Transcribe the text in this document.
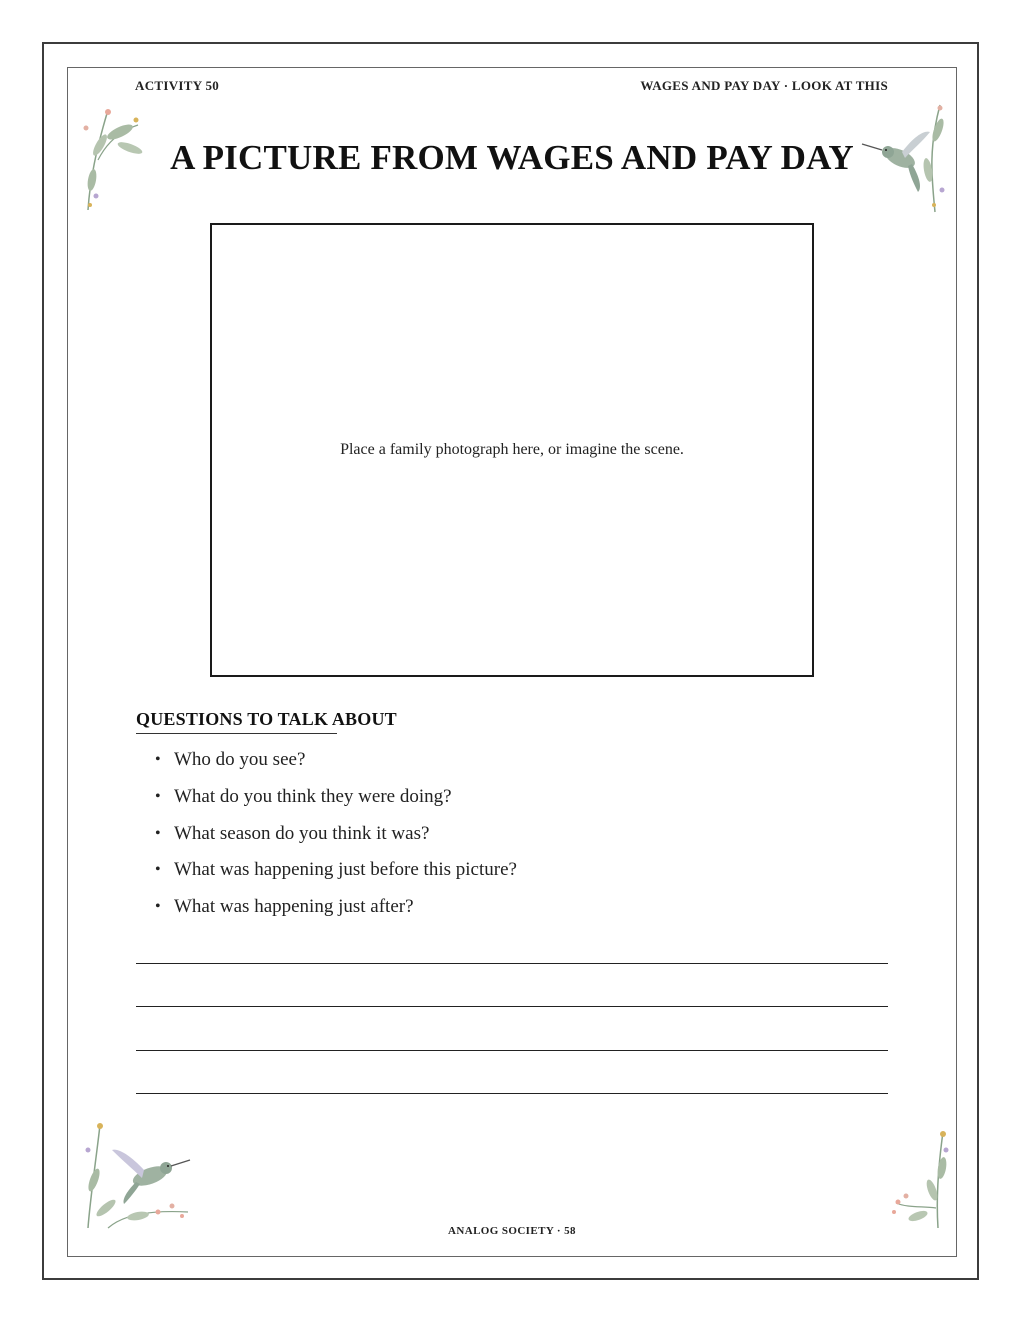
ACTIVITY 50	WAGES AND PAY DAY · LOOK AT THIS
A PICTURE FROM WAGES AND PAY DAY
Place a family photograph here, or imagine the scene.
QUESTIONS TO TALK ABOUT
• Who do you see?
• What do you think they were doing?
• What season do you think it was?
• What was happening just before this picture?
• What was happening just after?
ANALOG SOCIETY · 58
